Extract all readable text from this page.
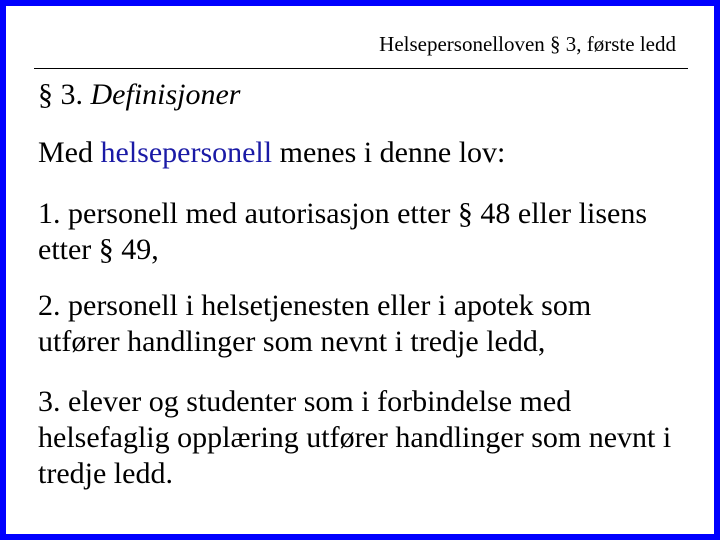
Helsepersonelloven § 3, første ledd
§ 3. Definisjoner
Med helsepersonell menes i denne lov:
1. personell med autorisasjon etter § 48 eller lisens etter § 49,
2. personell i helsetjenesten eller i apotek som utfører handlinger som nevnt i tredje ledd,
3. elever og studenter som i forbindelse med helsefaglig opplæring utfører handlinger som nevnt i tredje ledd.
